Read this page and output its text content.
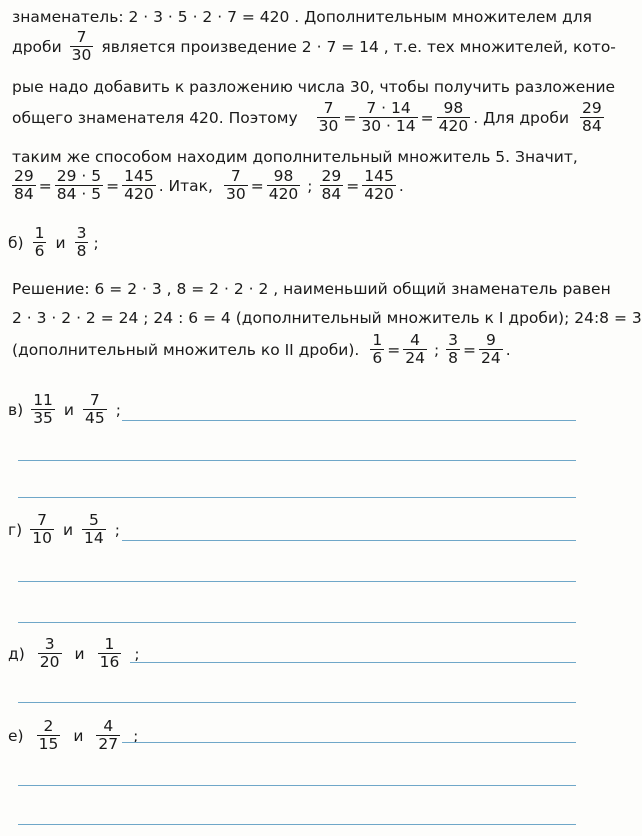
знаменатель: 2 · 3 · 5 · 2 · 7 = 420 . Дополнительным множителем для
дроби $\frac{7}{30}$ является произведение 2 · 7 = 14 , т.е. тех множителей, кото-
рые надо добавить к разложению числа 30, чтобы получить разложение
общего знаменателя 420. Поэтому $\frac{7}{30} = \frac{7 \cdot 14}{30 \cdot 14} = \frac{98}{420}$ . Для дроби $\frac{29}{84}$
таким же способом находим дополнительный множитель 5. Значит,
$\frac{29}{84} = \frac{29 \cdot 5}{84 \cdot 5} = \frac{145}{420}$ . Итак, $\frac{7}{30} = \frac{98}{420}$ ; $\frac{29}{84} = \frac{145}{420}$ .
$б) \frac{1}{6}$ и $\frac{3}{8}$ ;
Решение: 6 = 2 · 3 , 8 = 2 · 2 · 2 , наименьший общий знаменатель равен
2 · 3 · 2 · 2 = 24 ; 24 : 6 = 4 (дополнительный множитель к I дроби); 24:8 = 3
(дополнительный множитель ко II дроби). $\frac{1}{6} = \frac{4}{24}$ ; $\frac{3}{8} = \frac{9}{24}$ .
$в) \frac{11}{35}$ и $\frac{7}{45}$ ;
$г) \frac{7}{10}$ и $\frac{5}{14}$ ;
$д) \frac{3}{20}$ и $\frac{1}{16}$ ;
$е) \frac{2}{15}$ и $\frac{4}{27}$ ;
